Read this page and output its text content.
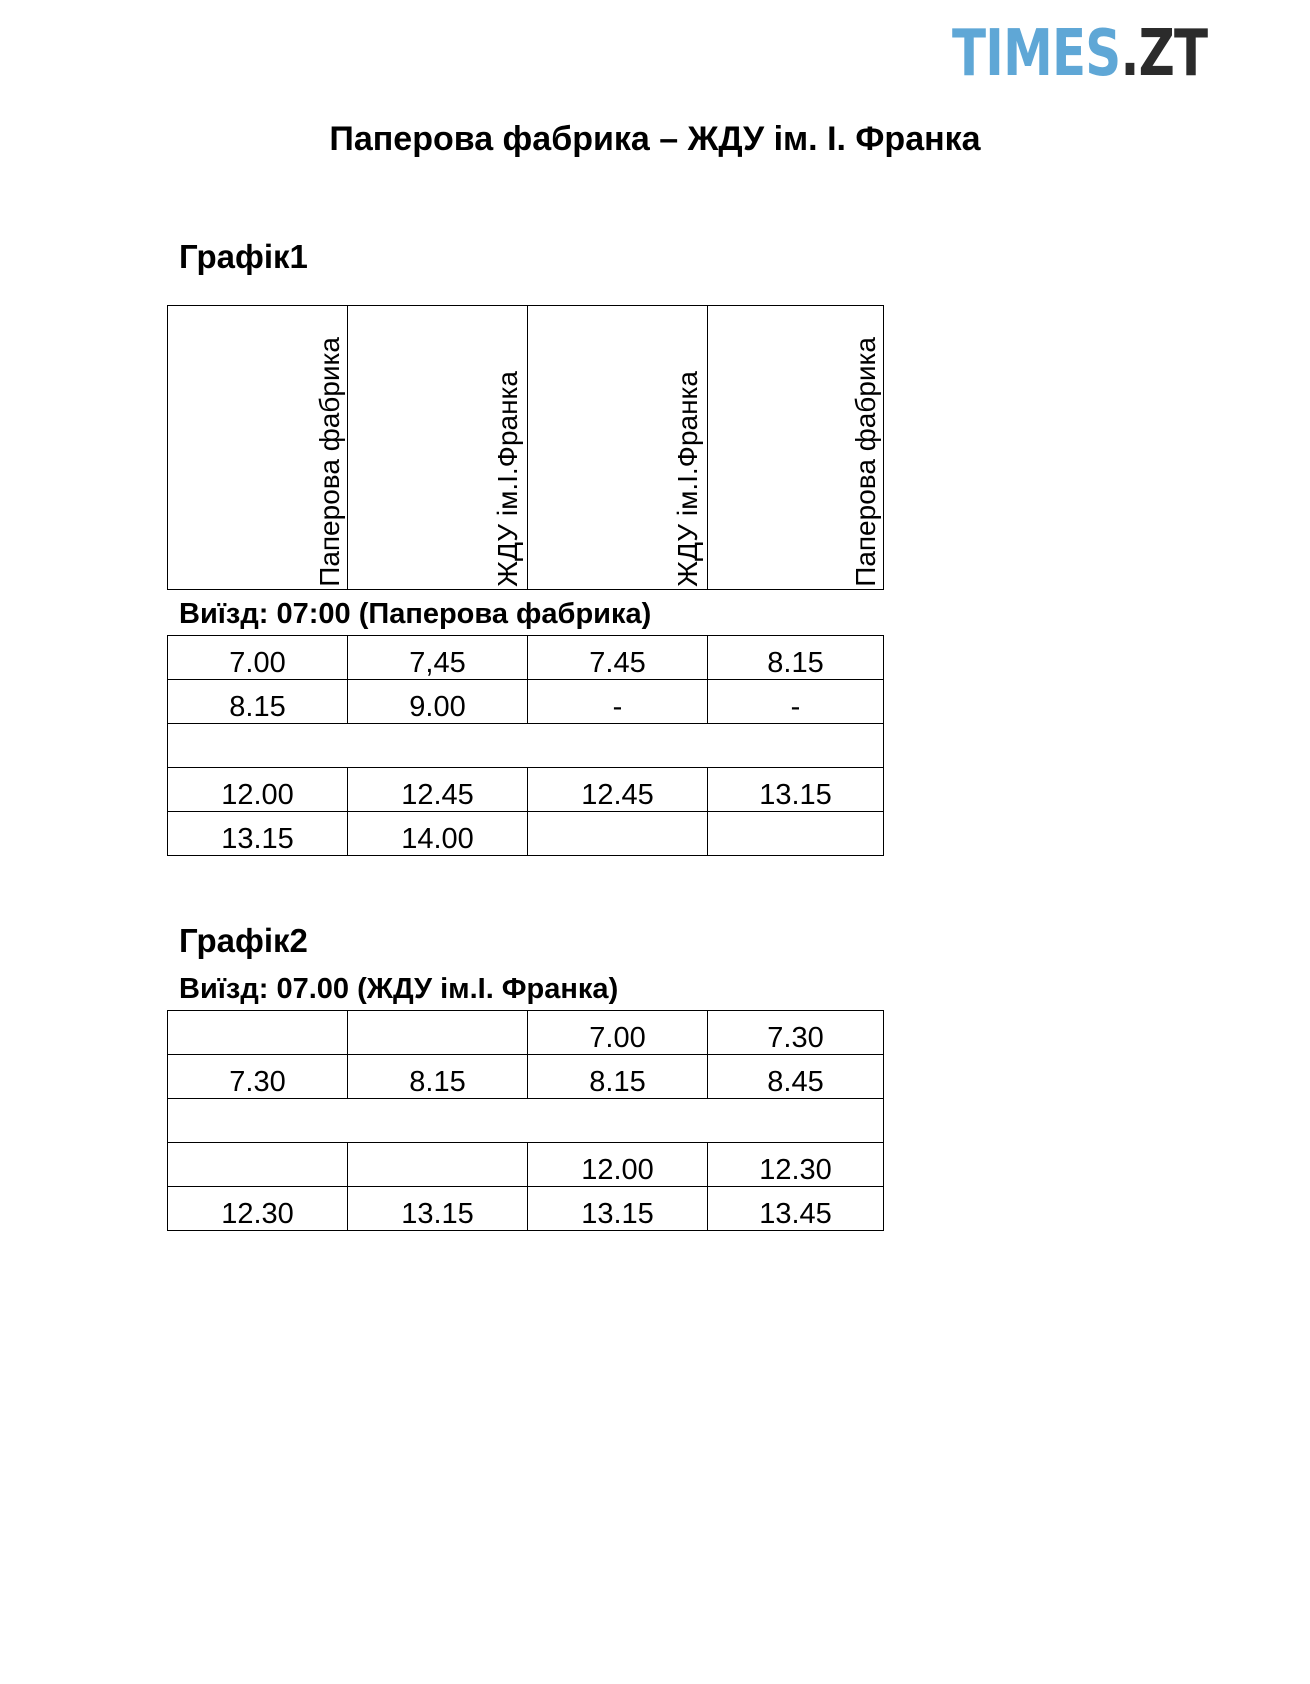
TIMES.ZT
Паперова фабрика – ЖДУ ім. І. Франка
Графік1
Паперова фабрика	ЖДУ ім.І.Франка	ЖДУ ім.І.Франка	Паперова фабрика
Виїзд: 07:00 (Паперова фабрика)
7.00	7,45	7.45	8.15
8.15	9.00	-	-

12.00	12.45	12.45	13.15
13.15	14.00		
Графік2
Виїзд: 07.00 (ЖДУ ім.І. Франка)
		7.00	7.30
7.30	8.15	8.15	8.45

		12.00	12.30
12.30	13.15	13.15	13.45
